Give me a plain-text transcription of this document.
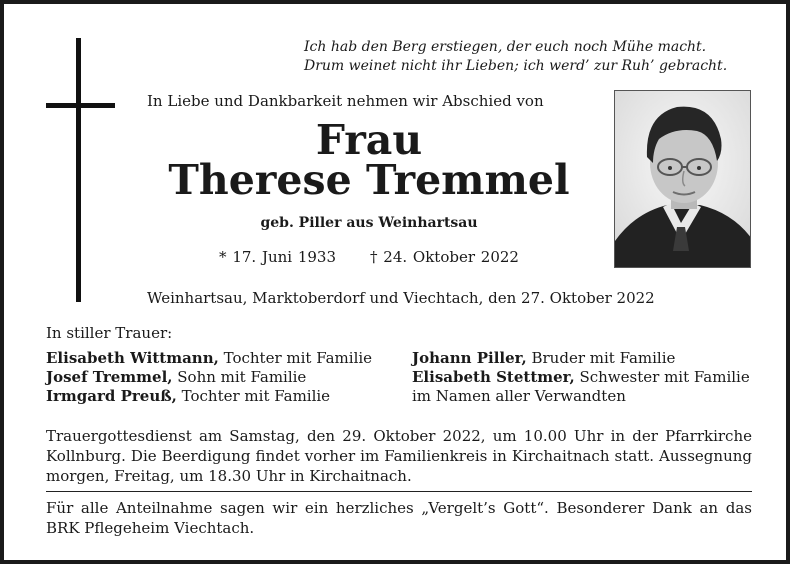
Ich hab den Berg erstiegen, der euch noch Mühe macht.
Drum weinet nicht ihr Lieben; ich werd’ zur Ruh’ gebracht.
In Liebe und Dankbarkeit nehmen wir Abschied von
Frau
Therese Tremmel
geb. Piller aus Weinhartsau
* 17. Juni 1933 † 24. Oktober 2022
Weinhartsau, Marktoberdorf und Viechtach, den 27. Oktober 2022
In stiller Trauer:
Elisabeth Wittmann, Tochter mit Familie
Josef Tremmel, Sohn mit Familie
Irmgard Preuß, Tochter mit Familie
Johann Piller, Bruder mit Familie
Elisabeth Stettmer, Schwester mit Familie
im Namen aller Verwandten
Trauergottesdienst am Samstag, den 29. Oktober 2022, um 10.00 Uhr in der Pfarrkirche Kollnburg. Die Beerdigung findet vorher im Familienkreis in Kirchaitnach statt. Aussegnung morgen, Freitag, um 18.30 Uhr in Kirchaitnach.
Für alle Anteilnahme sagen wir ein herzliches „Vergelt’s Gott“. Besonderer Dank an das BRK Pflegeheim Viechtach.
